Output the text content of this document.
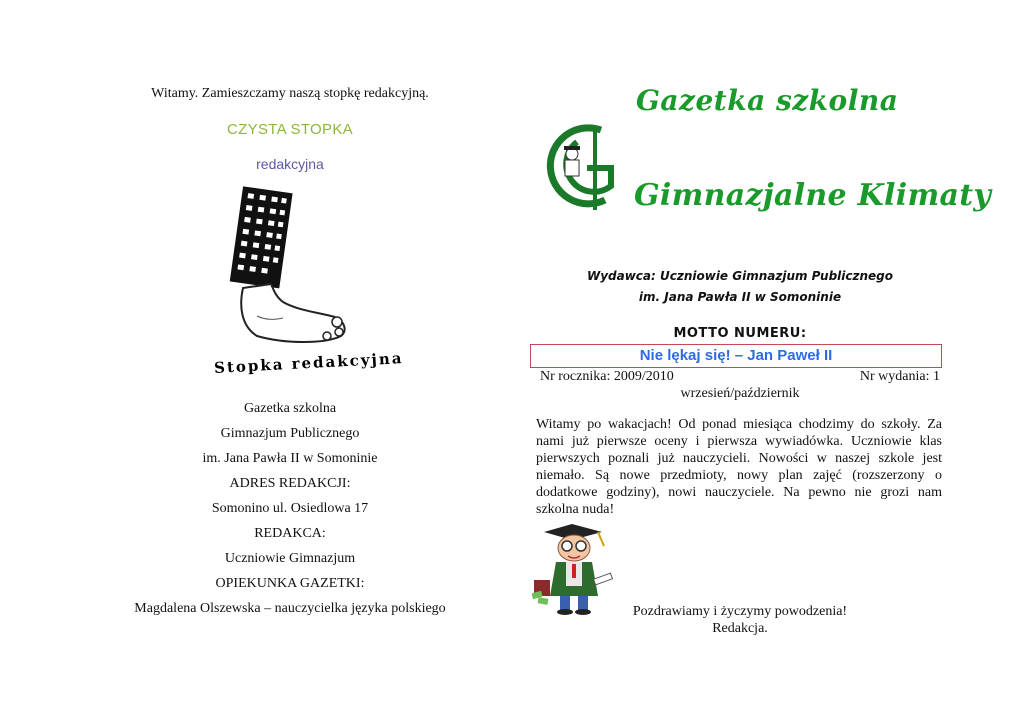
Witamy. Zamieszczamy naszą stopkę redakcyjną.
CZYSTA STOPKA
redakcyjna
Stopka redakcyjna
Gazetka szkolna
Gimnazjum Publicznego
im. Jana Pawła II w Somoninie
ADRES REDAKCJI:
Somonino ul. Osiedlowa 17
REDAKCA:
Uczniowie Gimnazjum
OPIEKUNKA GAZETKI:
Magdalena Olszewska – nauczycielka języka polskiego
Gazetka szkolna
Gimnazjalne Klimaty
Wydawca: Uczniowie Gimnazjum Publicznego
im. Jana Pawła II w Somoninie
MOTTO NUMERU:
Nie lękaj się! – Jan Paweł II
Nr rocznika: 2009/2010	Nr wydania: 1
wrzesień/październik
Witamy po wakacjach! Od ponad miesiąca chodzimy do szkoły. Za nami już pierwsze oceny i pierwsza wywiadówka. Uczniowie klas pierwszych poznali już nauczycieli. Nowości w naszej szkole jest niemało. Są nowe przedmioty, nowy plan zajęć (rozszerzony o dodatkowe godziny), nowi nauczyciele. Na pewno nie grozi nam szkolna nuda!
Pozdrawiamy i życzymy powodzenia!
Redakcja.
